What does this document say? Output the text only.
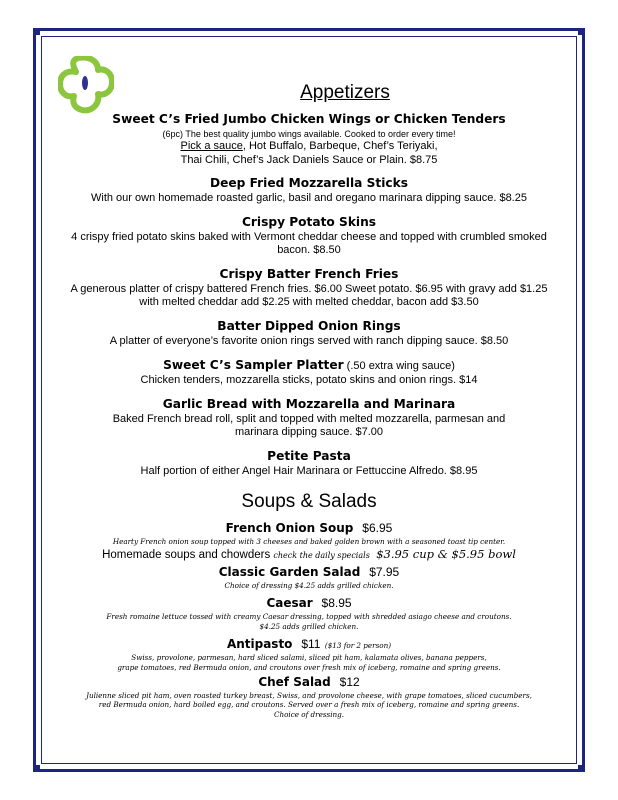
Appetizers
Sweet C’s Fried Jumbo Chicken Wings or Chicken Tenders
(6pc) The best quality jumbo wings available. Cooked to order every time!
Pick a sauce, Hot Buffalo, Barbeque, Chef’s Teriyaki,
Thai Chili, Chef’s Jack Daniels Sauce or Plain. $8.75
Deep Fried Mozzarella Sticks
With our own homemade roasted garlic, basil and oregano marinara dipping sauce. $8.25
Crispy Potato Skins
4 crispy fried potato skins baked with Vermont cheddar cheese and topped with crumbled smoked
bacon. $8.50
Crispy Batter French Fries
A generous platter of crispy battered French fries. $6.00 Sweet potato. $6.95 with gravy add $1.25
with melted cheddar add $2.25 with melted cheddar, bacon add $3.50
Batter Dipped Onion Rings
A platter of everyone’s favorite onion rings served with ranch dipping sauce. $8.50
Sweet C’s Sampler Platter (.50 extra wing sauce)
Chicken tenders, mozzarella sticks, potato skins and onion rings. $14
Garlic Bread with Mozzarella and Marinara
Baked French bread roll, split and topped with melted mozzarella, parmesan and
marinara dipping sauce. $7.00
Petite Pasta
Half portion of either Angel Hair Marinara or Fettuccine Alfredo. $8.95
Soups & Salads
French Onion Soup $6.95
Hearty French onion soup topped with 3 cheeses and baked golden brown with a seasoned toast tip center.
Homemade soups and chowders check the daily specials $3.95 cup & $5.95 bowl
Classic Garden Salad $7.95
Choice of dressing $4.25 adds grilled chicken.
Caesar $8.95
Fresh romaine lettuce tossed with creamy Caesar dressing, topped with shredded asiago cheese and croutons.
$4.25 adds grilled chicken.
Antipasto $11 ($13 for 2 person)
Swiss, provolone, parmesan, hard sliced salami, sliced pit ham, kalamata olives, banana peppers,
grape tomatoes, red Bermuda onion, and croutons over fresh mix of iceberg, romaine and spring greens.
Chef Salad $12
Julienne sliced pit ham, oven roasted turkey breast, Swiss, and provolone cheese, with grape tomatoes, sliced cucumbers,
red Bermuda onion, hard boiled egg, and croutons. Served over a fresh mix of iceberg, romaine and spring greens.
Choice of dressing.
